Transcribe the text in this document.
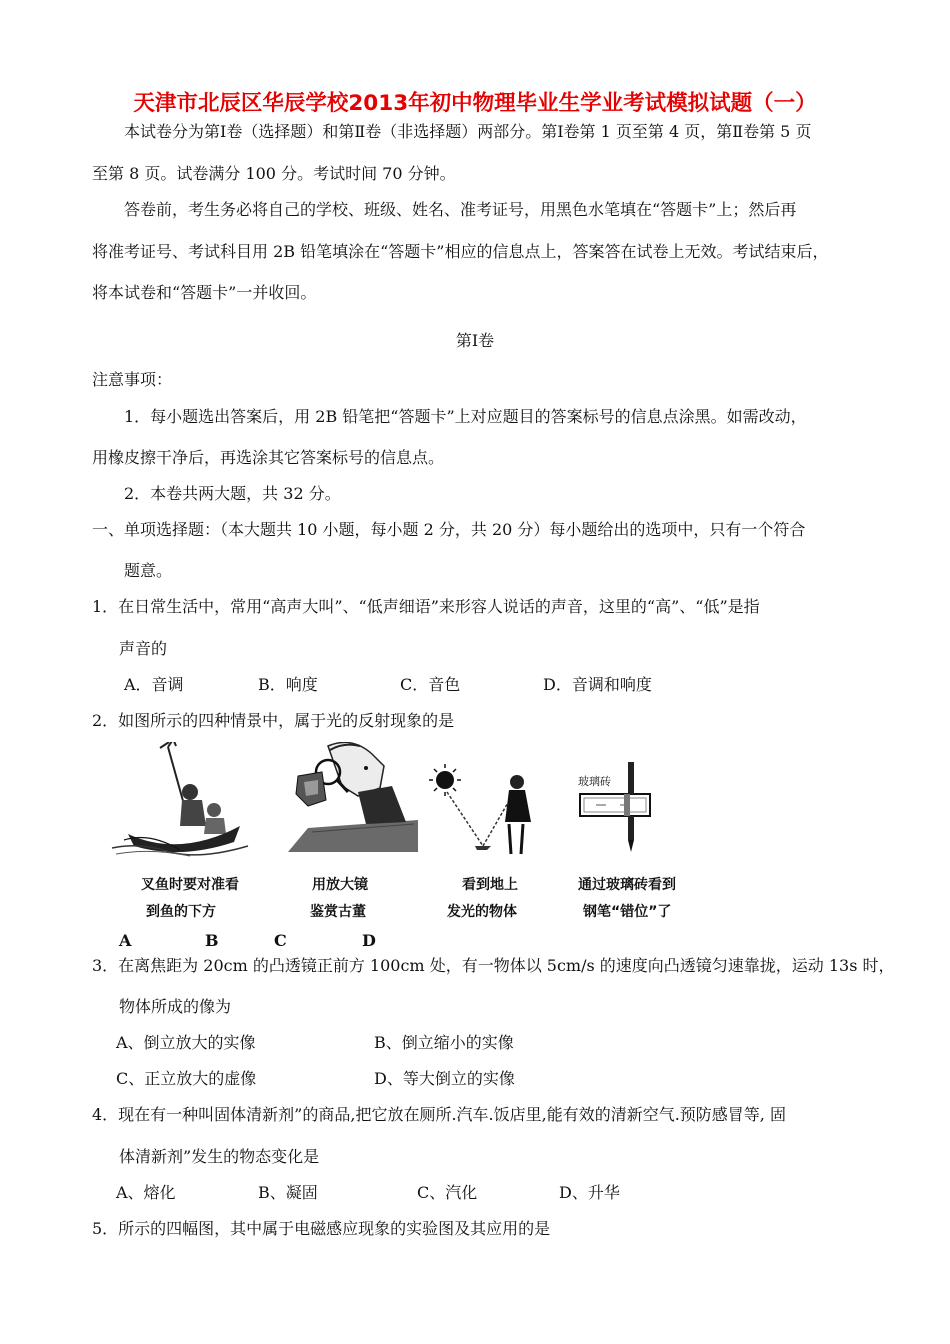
天津市北辰区华辰学校2013年初中物理毕业生学业考试模拟试题（一）
本试卷分为第Ⅰ卷（选择题）和第Ⅱ卷（非选择题）两部分。第Ⅰ卷第 1 页至第 4 页，第Ⅱ卷第 5 页
至第 8 页。试卷满分 100 分。考试时间 70 分钟。
答卷前，考生务必将自己的学校、班级、姓名、准考证号，用黑色水笔填在“答题卡”上；然后再
将准考证号、考试科目用 2B 铅笔填涂在“答题卡”相应的信息点上，答案答在试卷上无效。考试结束后，
将本试卷和“答题卡”一并收回。
第Ⅰ卷
注意事项：
1．每小题选出答案后，用 2B 铅笔把“答题卡”上对应题目的答案标号的信息点涂黑。如需改动，
用橡皮擦干净后，再选涂其它答案标号的信息点。
2．本卷共两大题，共 32 分。
一、单项选择题：（本大题共 10 小题，每小题 2 分，共 20 分）每小题给出的选项中，只有一个符合
题意。
1．在日常生活中，常用“高声大叫”、“低声细语”来形容人说话的声音，这里的“高”、“低”是指
声音的
A．音调	B．响度	C．音色	D．音调和响度
2．如图所示的四种情景中，属于光的反射现象的是
玻璃砖
叉鱼时要对准看
到鱼的下方
用放大镜
鉴赏古董
看到地上
发光的物体
通过玻璃砖看到
钢笔“错位”了
A	B	C	D
3．在离焦距为 20cm 的凸透镜正前方 100cm 处，有一物体以 5cm/s 的速度向凸透镜匀速靠拢，运动 13s 时，
物体所成的像为
A、倒立放大的实像	B、倒立缩小的实像
C、正立放大的虚像	D、等大倒立的实像
4．现在有一种叫固体清新剂”的商品,把它放在厕所.汽车.饭店里,能有效的清新空气.预防感冒等, 固
体清新剂”发生的物态变化是
A、熔化	B、凝固	C、汽化	D、升华
5．所示的四幅图，其中属于电磁感应现象的实验图及其应用的是
